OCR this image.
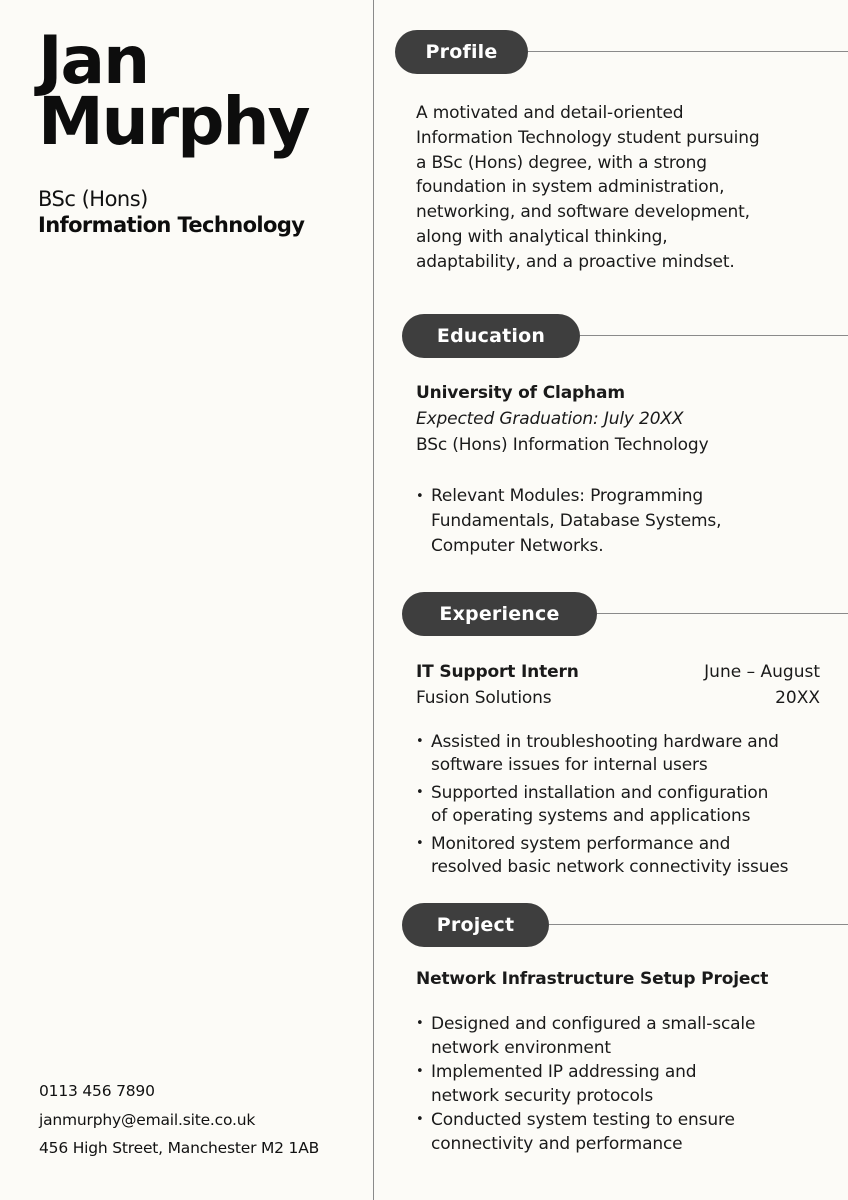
Jan
Murphy
BSc (Hons)
Information Technology
0113 456 7890
janmurphy@email.site.co.uk
456 High Street, Manchester M2 1AB
Profile
A motivated and detail-oriented
Information Technology student pursuing
a BSc (Hons) degree, with a strong
foundation in system administration,
networking, and software development,
along with analytical thinking,
adaptability, and a proactive mindset.
Education
University of Clapham
Expected Graduation: July 20XX
BSc (Hons) Information Technology
• Relevant Modules: Programming
Fundamentals, Database Systems,
Computer Networks.
Experience
IT Support Intern
Fusion Solutions
June – August
20XX
• Assisted in troubleshooting hardware and
software issues for internal users
• Supported installation and configuration
of operating systems and applications
• Monitored system performance and
resolved basic network connectivity issues
Project
Network Infrastructure Setup Project
• Designed and configured a small-scale
network environment
• Implemented IP addressing and
network security protocols
• Conducted system testing to ensure
connectivity and performance
